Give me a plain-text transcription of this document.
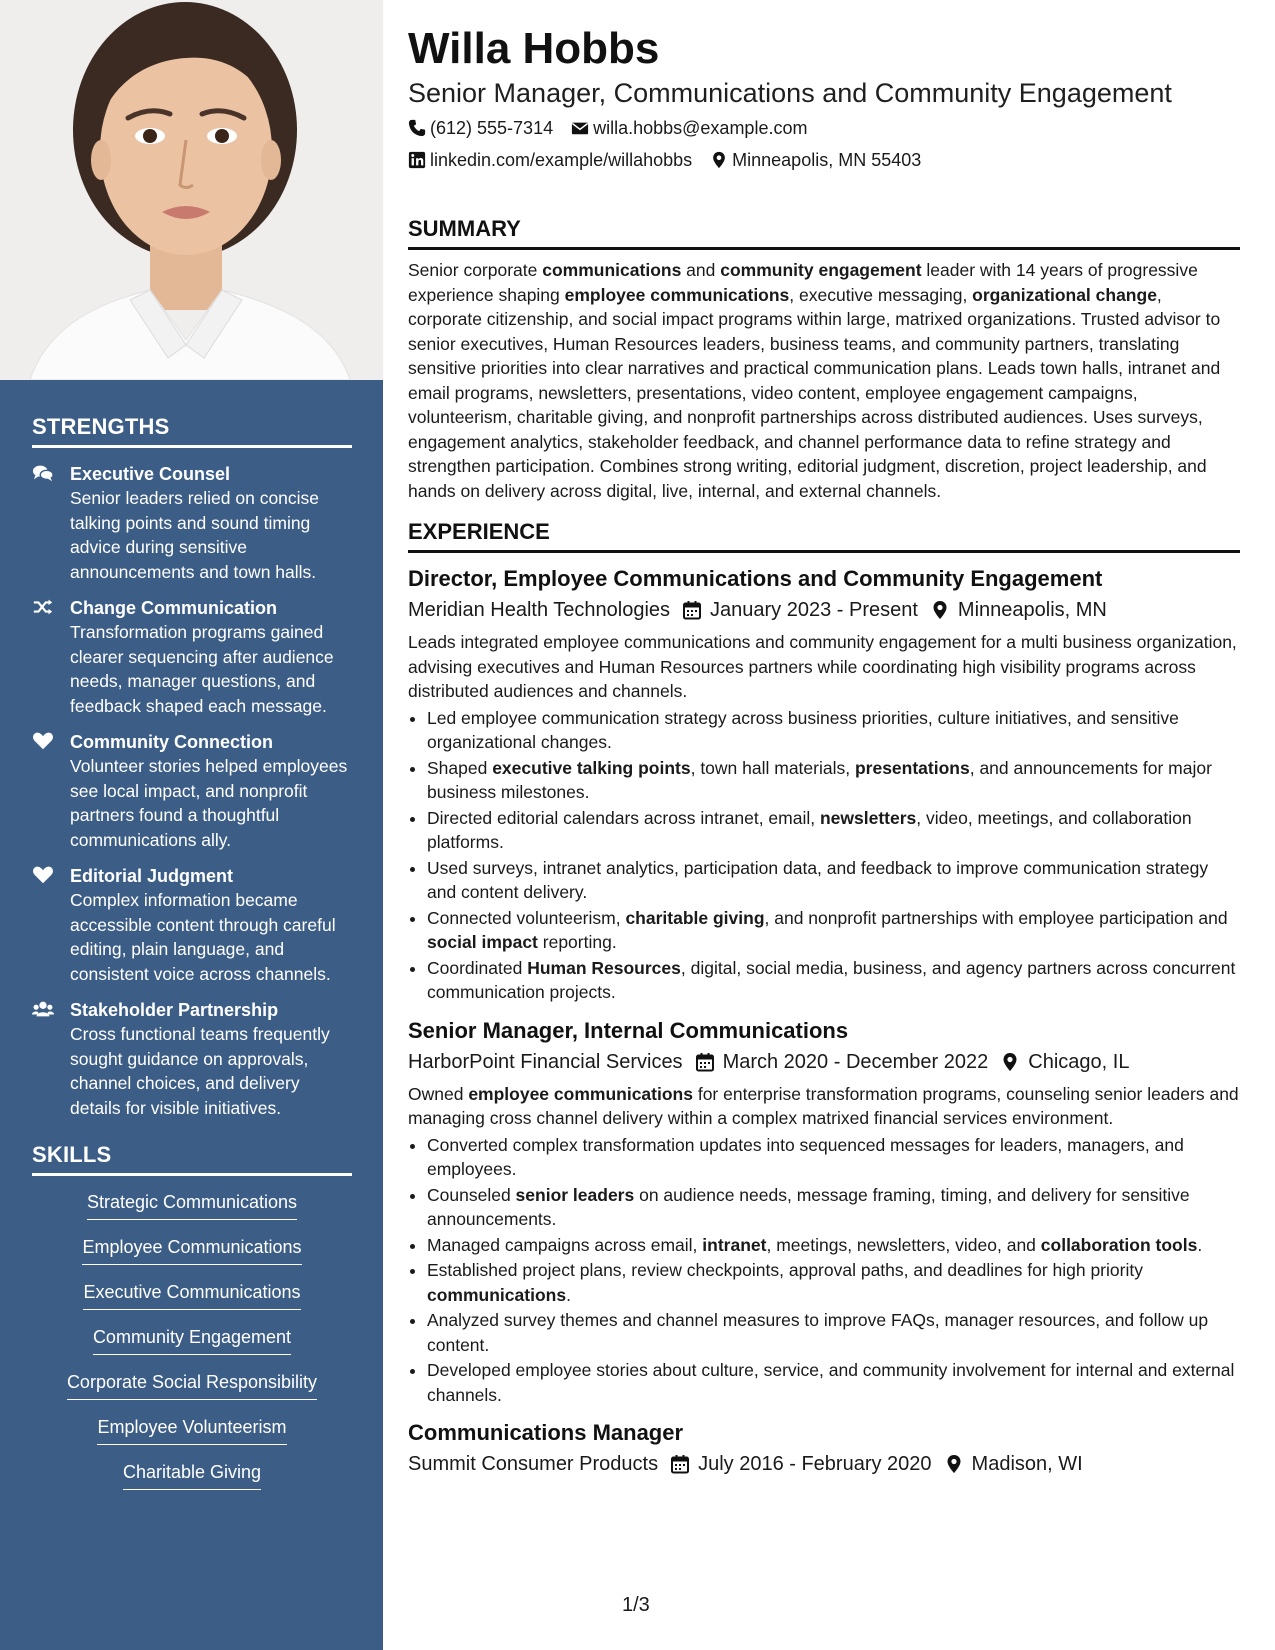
STRENGTHS
Executive Counsel
Senior leaders relied on concise talking points and sound timing advice during sensitive announcements and town halls.
Change Communication
Transformation programs gained clearer sequencing after audience needs, manager questions, and feedback shaped each message.
Community Connection
Volunteer stories helped employees see local impact, and nonprofit partners found a thoughtful communications ally.
Editorial Judgment
Complex information became accessible content through careful editing, plain language, and consistent voice across channels.
Stakeholder Partnership
Cross functional teams frequently sought guidance on approvals, channel choices, and delivery details for visible initiatives.
SKILLS
Strategic Communications
Employee Communications
Executive Communications
Community Engagement
Corporate Social Responsibility
Employee Volunteerism
Charitable Giving
Willa Hobbs
Senior Manager, Communications and Community Engagement
(612) 555-7314 willa.hobbs@example.com
linkedin.com/example/willahobbs Minneapolis, MN 55403
SUMMARY
Senior corporate communications and community engagement leader with 14 years of progressive experience shaping employee communications, executive messaging, organizational change, corporate citizenship, and social impact programs within large, matrixed organizations. Trusted advisor to senior executives, Human Resources leaders, business teams, and community partners, translating sensitive priorities into clear narratives and practical communication plans. Leads town halls, intranet and email programs, newsletters, presentations, video content, employee engagement campaigns, volunteerism, charitable giving, and nonprofit partnerships across distributed audiences. Uses surveys, engagement analytics, stakeholder feedback, and channel performance data to refine strategy and strengthen participation. Combines strong writing, editorial judgment, discretion, project leadership, and hands on delivery across digital, live, internal, and external channels.
EXPERIENCE
Director, Employee Communications and Community Engagement
Meridian Health Technologies January 2023 - Present Minneapolis, MN
Leads integrated employee communications and community engagement for a multi business organization, advising executives and Human Resources partners while coordinating high visibility programs across distributed audiences and channels.
• Led employee communication strategy across business priorities, culture initiatives, and sensitive organizational changes.
• Shaped executive talking points, town hall materials, presentations, and announcements for major business milestones.
• Directed editorial calendars across intranet, email, newsletters, video, meetings, and collaboration platforms.
• Used surveys, intranet analytics, participation data, and feedback to improve communication strategy and content delivery.
• Connected volunteerism, charitable giving, and nonprofit partnerships with employee participation and social impact reporting.
• Coordinated Human Resources, digital, social media, business, and agency partners across concurrent communication projects.
Senior Manager, Internal Communications
HarborPoint Financial Services March 2020 - December 2022 Chicago, IL
Owned employee communications for enterprise transformation programs, counseling senior leaders and managing cross channel delivery within a complex matrixed financial services environment.
• Converted complex transformation updates into sequenced messages for leaders, managers, and employees.
• Counseled senior leaders on audience needs, message framing, timing, and delivery for sensitive announcements.
• Managed campaigns across email, intranet, meetings, newsletters, video, and collaboration tools.
• Established project plans, review checkpoints, approval paths, and deadlines for high priority communications.
• Analyzed survey themes and channel measures to improve FAQs, manager resources, and follow up content.
• Developed employee stories about culture, service, and community involvement for internal and external channels.
Communications Manager
Summit Consumer Products July 2016 - February 2020 Madison, WI
1/3
